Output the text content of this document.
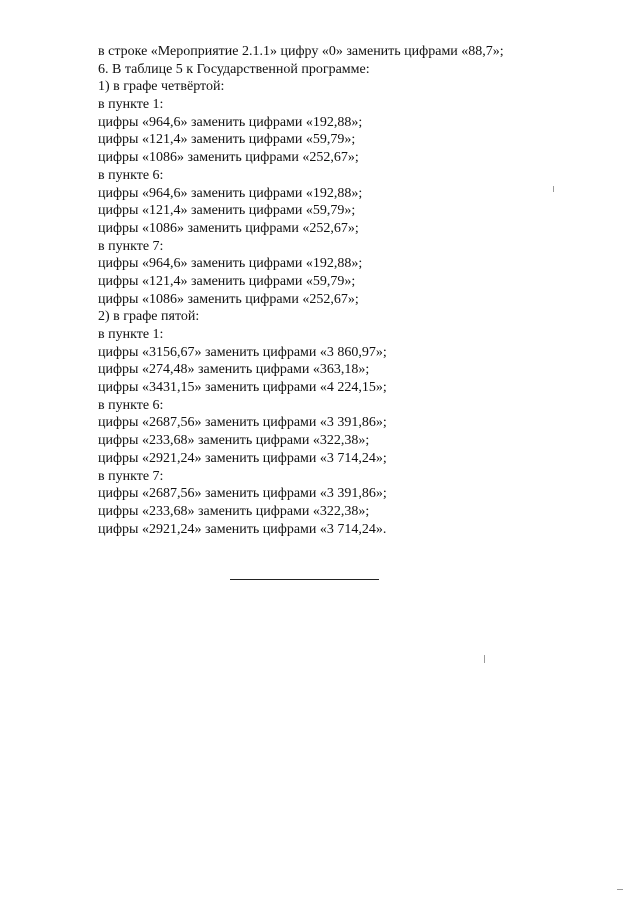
в строке «Мероприятие 2.1.1» цифру «0» заменить цифрами «88,7»;
6. В таблице 5 к Государственной программе:
1) в графе четвёртой:
в пункте 1:
цифры «964,6» заменить цифрами «192,88»;
цифры «121,4» заменить цифрами «59,79»;
цифры «1086» заменить цифрами «252,67»;
в пункте 6:
цифры «964,6» заменить цифрами «192,88»;
цифры «121,4» заменить цифрами «59,79»;
цифры «1086» заменить цифрами «252,67»;
в пункте 7:
цифры «964,6» заменить цифрами «192,88»;
цифры «121,4» заменить цифрами «59,79»;
цифры «1086» заменить цифрами «252,67»;
2) в графе пятой:
в пункте 1:
цифры «3156,67» заменить цифрами «3 860,97»;
цифры «274,48» заменить цифрами «363,18»;
цифры «3431,15» заменить цифрами «4 224,15»;
в пункте 6:
цифры «2687,56» заменить цифрами «3 391,86»;
цифры «233,68» заменить цифрами «322,38»;
цифры «2921,24» заменить цифрами «3 714,24»;
в пункте 7:
цифры «2687,56» заменить цифрами «3 391,86»;
цифры «233,68» заменить цифрами «322,38»;
цифры «2921,24» заменить цифрами «3 714,24».
